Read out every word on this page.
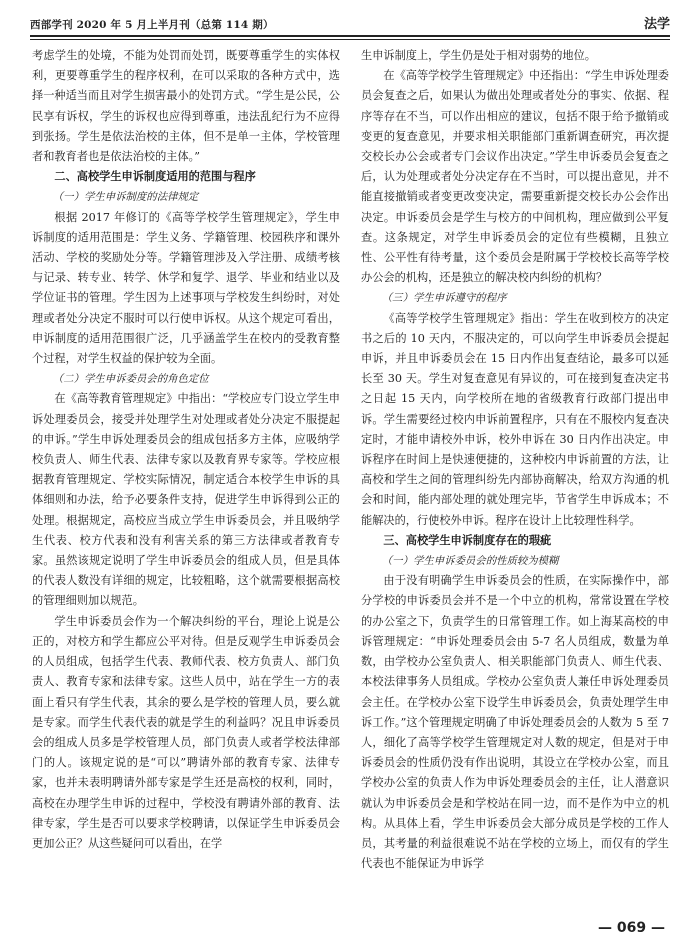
西部学刊 2020 年 5 月上半月刊（总第 114 期）	法学

考虑学生的处境，不能为处罚而处罚，既要尊重学生的实体权利，更要尊重学生的程序权利，在可以采取的各种方式中，选择一种适当而且对学生损害最小的处罚方式。“学生是公民，公民享有诉权，学生的诉权也应得到尊重，违法乱纪行为不应得到张扬。学生是依法治校的主体，但不是单一主体，学校管理者和教育者也是依法治校的主体。”

二、高校学生申诉制度适用的范围与程序
（一）学生申诉制度的法律规定

根据 2017 年修订的《高等学校学生管理规定》，学生申诉制度的适用范围是：学生义务、学籍管理、校园秩序和课外活动、学校的奖励处分等。学籍管理涉及入学注册、成绩考核与记录、转专业、转学、休学和复学、退学、毕业和结业以及学位证书的管理。学生因为上述事项与学校发生纠纷时，对处理或者处分决定不服时可以行使申诉权。从这个规定可看出，申诉制度的适用范围很广泛，几乎涵盖学生在校内的受教育整个过程，对学生权益的保护较为全面。

（二）学生申诉委员会的角色定位

在《高等教育管理规定》中指出：“学校应专门设立学生申诉处理委员会，接受并处理学生对处理或者处分决定不服提起的申诉。”学生申诉处理委员会的组成包括多方主体，应吸纳学校负责人、师生代表、法律专家以及教育界专家等。学校应根据教育管理规定、学校实际情况，制定适合本校学生申诉的具体细则和办法，给予必要条件支持，促进学生申诉得到公正的处理。根据规定，高校应当成立学生申诉委员会，并且吸纳学生代表、校方代表和没有利害关系的第三方法律或者教育专家。虽然该规定说明了学生申诉委员会的组成人员，但是具体的代表人数没有详细的规定，比较粗略，这个就需要根据高校的管理细则加以规范。

学生申诉委员会作为一个解决纠纷的平台，理论上说是公正的，对校方和学生都应公平对待。但是反观学生申诉委员会的人员组成，包括学生代表、教师代表、校方负责人、部门负责人、教育专家和法律专家。这些人员中，站在学生一方的表面上看只有学生代表，其余的要么是学校的管理人员，要么就是专家。而学生代表代表的就是学生的利益吗？况且申诉委员会的组成人员多是学校管理人员，部门负责人或者学校法律部门的人。该规定说的是“可以”聘请外部的教育专家、法律专家，也并未表明聘请外部专家是学生还是高校的权利，同时，高校在办理学生申诉的过程中，学校没有聘请外部的教育、法律专家，学生是否可以要求学校聘请，以保证学生申诉委员会更加公正？从这些疑问可以看出，在学

生申诉制度上，学生仍是处于相对弱势的地位。

在《高等学校学生管理规定》中还指出：“学生申诉处理委员会复查之后，如果认为做出处理或者处分的事实、依据、程序等存在不当，可以作出相应的建议，包括不限于给予撤销或变更的复查意见，并要求相关职能部门重新调查研究，再次提交校长办公会或者专门会议作出决定。”学生申诉委员会复查之后，认为处理或者处分决定存在不当时，可以提出意见，并不能直接撤销或者变更改变决定，需要重新提交校长办公会作出决定。申诉委员会是学生与校方的中间机构，理应做到公平复查。这条规定，对学生申诉委员会的定位有些模糊，且独立性、公平性有待考量，这个委员会是附属于学校校长高等学校办公会的机构，还是独立的解决校内纠纷的机构？

（三）学生申诉遵守的程序

《高等学校学生管理规定》指出：学生在收到校方的决定书之后的 10 天内，不服决定的，可以向学生申诉委员会提起申诉，并且申诉委员会在 15 日内作出复查结论，最多可以延长至 30 天。学生对复查意见有异议的，可在接到复查决定书之日起 15 天内，向学校所在地的省级教育行政部门提出申诉。学生需要经过校内申诉前置程序，只有在不服校内复查决定时，才能申请校外申诉，校外申诉在 30 日内作出决定。申诉程序在时间上是快速便捷的，这种校内申诉前置的方法，让高校和学生之间的管理纠纷先内部协商解决，给双方沟通的机会和时间，能内部处理的就处理完毕，节省学生申诉成本；不能解决的，行使校外申诉。程序在设计上比较理性科学。

三、高校学生申诉制度存在的瑕疵
（一）学生申诉委员会的性质较为模糊

由于没有明确学生申诉委员会的性质，在实际操作中，部分学校的申诉委员会并不是一个中立的机构，常常设置在学校的办公室之下，负责学生的日常管理工作。如上海某高校的申诉管理规定：“申诉处理委员会由 5-7 名人员组成，数量为单数，由学校办公室负责人、相关职能部门负责人、师生代表、本校法律事务人员组成。学校办公室负责人兼任申诉处理委员会主任。在学校办公室下设学生申诉委员会，负责处理学生申诉工作。”这个管理规定明确了申诉处理委员会的人数为 5 至 7 人，细化了高等学校学生管理规定对人数的规定，但是对于申诉委员会的性质仍没有作出说明，其设立在学校办公室，而且学校办公室的负责人作为申诉处理委员会的主任，让人潜意识就认为申诉委员会是和学校站在同一边，而不是作为中立的机构。从具体上看，学生申诉委员会大部分成员是学校的工作人员，其考量的利益很难说不站在学校的立场上，而仅有的学生代表也不能保证为申诉学

— 069 —
